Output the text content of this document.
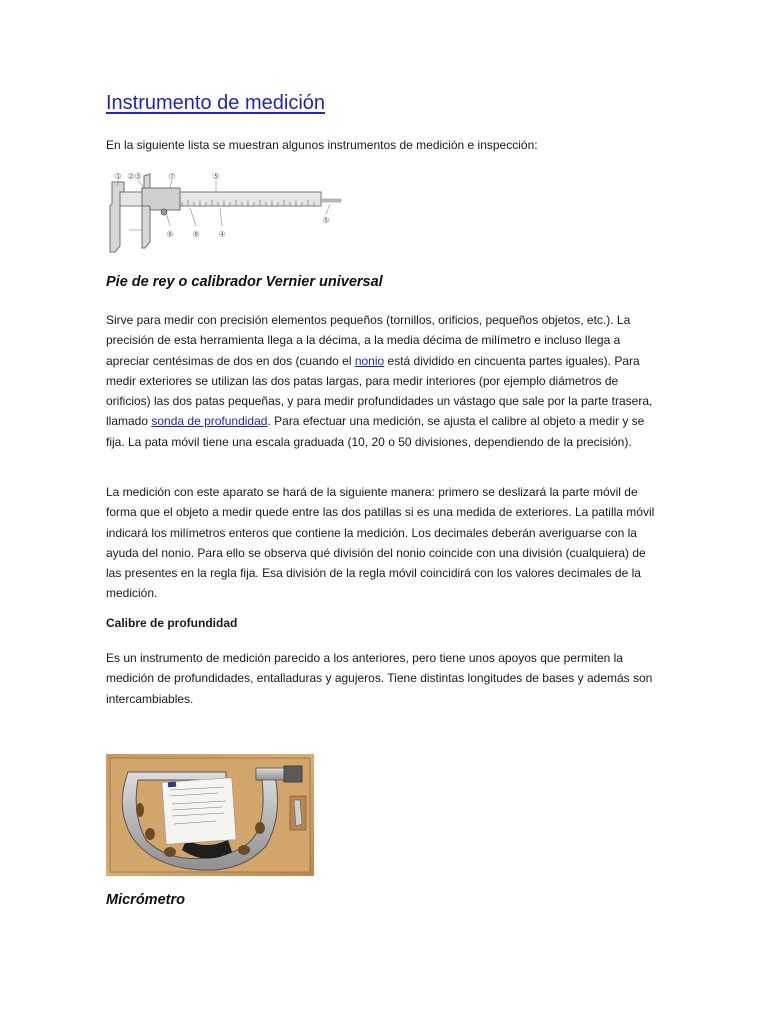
Instrumento de medición

En la siguiente lista se muestran algunos instrumentos de medición e inspección:

1 2 3	7	5
6	8	4
5
Pie de rey o calibrador Vernier universal

Sirve para medir con precisión elementos pequeños (tornillos, orificios, pequeños objetos, etc.). La precisión de esta herramienta llega a la décima, a la media décima de milímetro e incluso llega a apreciar centésimas de dos en dos (cuando el nonio está dividido en cincuenta partes iguales). Para medir exteriores se utilizan las dos patas largas, para medir interiores (por ejemplo diámetros de orificios) las dos patas pequeñas, y para medir profundidades un vástago que sale por la parte trasera, llamado sonda de profundidad. Para efectuar una medición, se ajusta el calibre al objeto a medir y se fija. La pata móvil tiene una escala graduada (10, 20 o 50 divisiones, dependiendo de la precisión).

La medición con este aparato se hará de la siguiente manera: primero se deslizará la parte móvil de forma que el objeto a medir quede entre las dos patillas si es una medida de exteriores. La patilla móvil indicará los milímetros enteros que contiene la medición. Los decimales deberán averiguarse con la ayuda del nonio. Para ello se observa qué división del nonio coincide con una división (cualquiera) de las presentes en la regla fija. Esa división de la regla móvil coincidirá con los valores decimales de la medición.

Calibre de profundidad

Es un instrumento de medición parecido a los anteriores, pero tiene unos apoyos que permiten la medición de profundidades, entalladuras y agujeros. Tiene distintas longitudes de bases y además son intercambiables.

Micrómetro
